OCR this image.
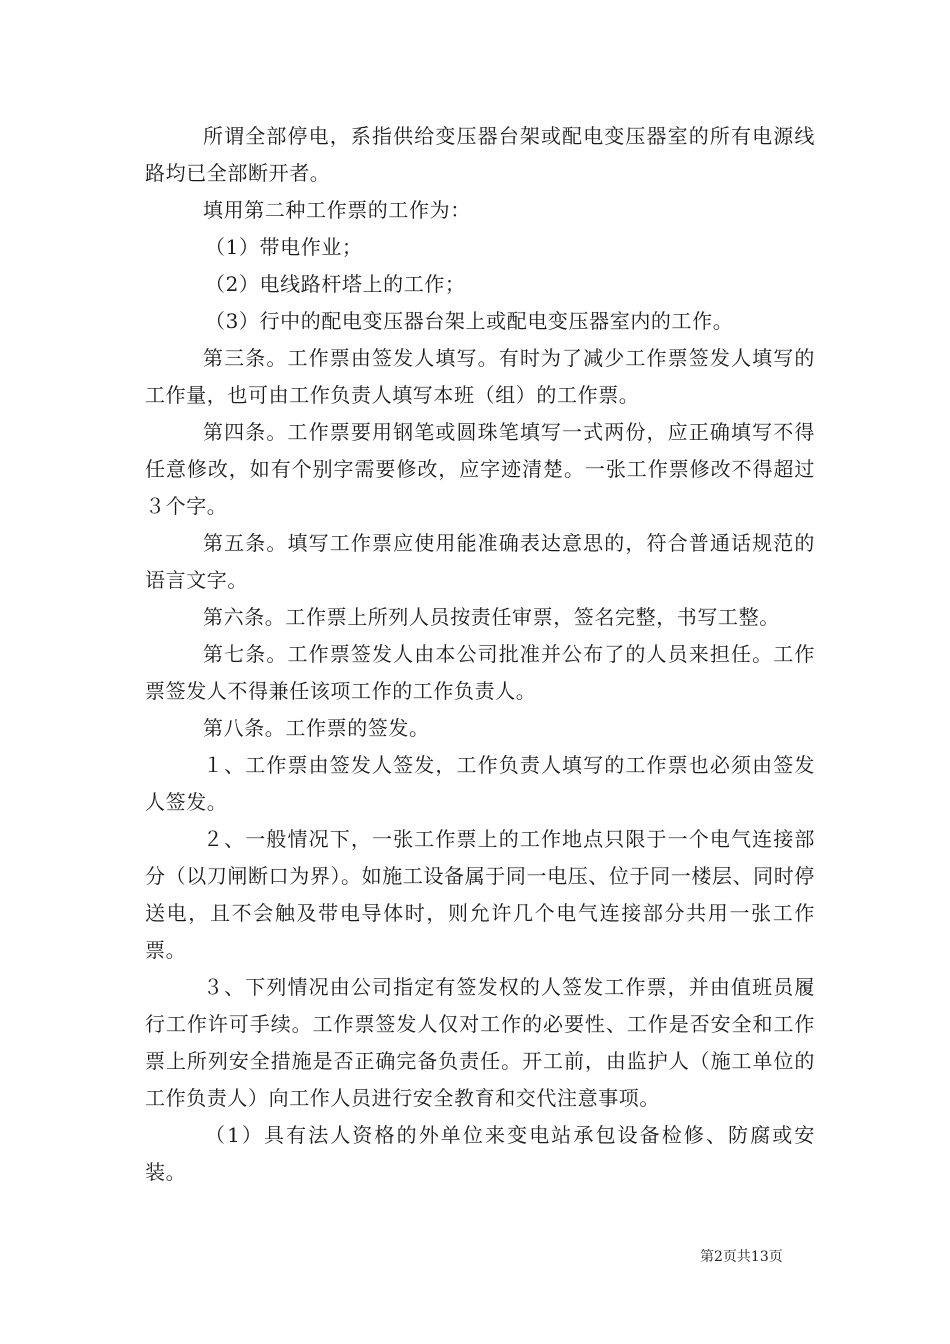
所谓全部停电，系指供给变压器台架或配电变压器室的所有电源线路均已全部断开者。

填用第二种工作票的工作为：

（1）带电作业；

（2）电线路杆塔上的工作；

（3）行中的配电变压器台架上或配电变压器室内的工作。

第三条。工作票由签发人填写。有时为了减少工作票签发人填写的工作量，也可由工作负责人填写本班（组）的工作票。

第四条。工作票要用钢笔或圆珠笔填写一式两份，应正确填写不得任意修改，如有个别字需要修改，应字迹清楚。一张工作票修改不得超过３个字。

第五条。填写工作票应使用能准确表达意思的，符合普通话规范的语言文字。

第六条。工作票上所列人员按责任审票，签名完整，书写工整。

第七条。工作票签发人由本公司批准并公布了的人员来担任。工作票签发人不得兼任该项工作的工作负责人。

第八条。工作票的签发。

１、工作票由签发人签发，工作负责人填写的工作票也必须由签发人签发。

２、一般情况下，一张工作票上的工作地点只限于一个电气连接部分（以刀闸断口为界）。如施工设备属于同一电压、位于同一楼层、同时停送电，且不会触及带电导体时，则允许几个电气连接部分共用一张工作票。

３、下列情况由公司指定有签发权的人签发工作票，并由值班员履行工作许可手续。工作票签发人仅对工作的必要性、工作是否安全和工作票上所列安全措施是否正确完备负责任。开工前，由监护人（施工单位的工作负责人）向工作人员进行安全教育和交代注意事项。

（1）具有法人资格的外单位来变电站承包设备检修、防腐或安装。

第2页共13页
